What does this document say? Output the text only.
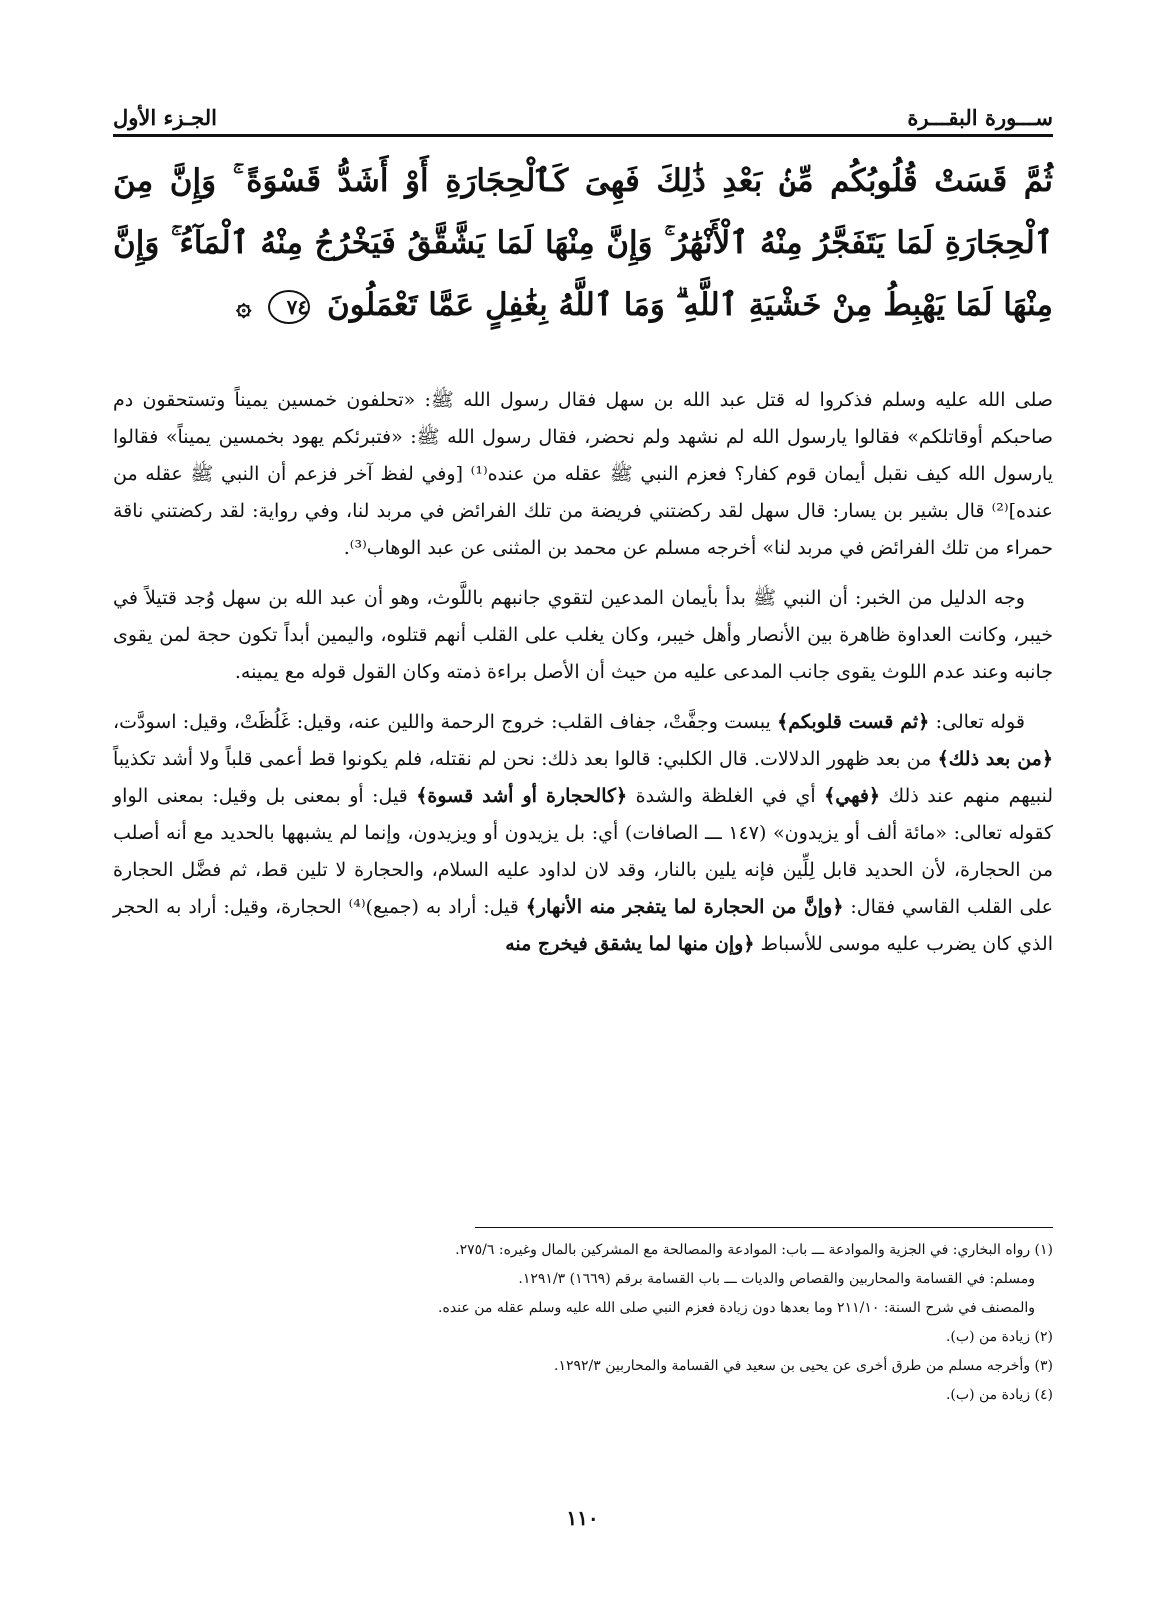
ســـورة البقـــرة
الجـزء الأول
ثُمَّ قَسَتْ قُلُوبُكُم مِّنۢ بَعْدِ ذَٰلِكَ فَهِىَ كَٱلْحِجَارَةِ أَوْ أَشَدُّ قَسْوَةً ۚ وَإِنَّ مِنَ ٱلْحِجَارَةِ لَمَا يَتَفَجَّرُ مِنْهُ ٱلْأَنْهَٰرُ ۚ وَإِنَّ مِنْهَا لَمَا يَشَّقَّقُ فَيَخْرُجُ مِنْهُ ٱلْمَآءُ ۚ وَإِنَّ مِنْهَا لَمَا يَهْبِطُ مِنْ خَشْيَةِ ٱللَّهِ ۗ وَمَا ٱللَّهُ بِغَٰفِلٍ عَمَّا تَعْمَلُونَ ٧٤ ۞

صلى الله عليه وسلم فذكروا له قتل عبد الله بن سهل فقال رسول الله ﷺ: «تحلفون خمسين يميناً وتستحقون دم صاحبكم أوقاتلكم» فقالوا يارسول الله لم نشهد ولم نحضر، فقال رسول الله ﷺ: «فتبرئكم يهود بخمسين يميناً» فقالوا يارسول الله كيف نقبل أيمان قوم كفار؟ فعزم النبي ﷺ عقله من عنده⁽¹⁾ [وفي لفظ آخر فزعم أن النبي ﷺ عقله من عنده]⁽²⁾ قال بشير بن يسار: قال سهل لقد ركضتني فريضة من تلك الفرائض في مربد لنا، وفي رواية: لقد ركضتني ناقة حمراء من تلك الفرائض في مربد لنا» أخرجه مسلم عن محمد بن المثنى عن عبد الوهاب⁽³⁾.

وجه الدليل من الخبر: أن النبي ﷺ بدأ بأيمان المدعين لتقوي جانبهم باللَّوث، وهو أن عبد الله بن سهل وُجد قتيلاً في خيبر، وكانت العداوة ظاهرة بين الأنصار وأهل خيبر، وكان يغلب على القلب أنهم قتلوه، واليمين أبداً تكون حجة لمن يقوى جانبه وعند عدم اللوث يقوى جانب المدعى عليه من حيث أن الأصل براءة ذمته وكان القول قوله مع يمينه.

قوله تعالى: ﴿ثم قست قلوبكم﴾ يبست وجفَّتْ، جفاف القلب: خروج الرحمة واللين عنه، وقيل: غَلُظَتْ، وقيل: اسودَّت، ﴿من بعد ذلك﴾ من بعد ظهور الدلالات. قال الكلبي: قالوا بعد ذلك: نحن لم نقتله، فلم يكونوا قط أعمى قلباً ولا أشد تكذيباً لنبيهم منهم عند ذلك ﴿فهي﴾ أي في الغلظة والشدة ﴿كالحجارة أو أشد قسوة﴾ قيل: أو بمعنى بل وقيل: بمعنى الواو كقوله تعالى: «مائة ألف أو يزيدون» (١٤٧ ـــ الصافات) أي: بل يزيدون أو ويزيدون، وإنما لم يشبهها بالحديد مع أنه أصلب من الحجارة، لأن الحديد قابل لِلِّين فإنه يلين بالنار، وقد لان لداود عليه السلام، والحجارة لا تلين قط، ثم فضَّل الحجارة على القلب القاسي فقال: ﴿وإنَّ من الحجارة لما يتفجر منه الأنهار﴾ قيل: أراد به (جميع)⁽⁴⁾ الحجارة، وقيل: أراد به الحجر الذي كان يضرب عليه موسى للأسباط ﴿وإن منها لما يشقق فيخرج منه

(١) رواه البخاري: في الجزية والموادعة ـــ باب: الموادعة والمصالحة مع المشركين بالمال وغيره: ٢٧٥/٦.

ومسلم: في القسامة والمحاربين والقصاص والديات ـــ باب القسامة برقم (١٦٦٩) ١٢٩١/٣.

والمصنف في شرح السنة: ٢١١/١٠ وما بعدها دون زيادة فعزم النبي صلى الله عليه وسلم عقله من عنده.

(٢) زيادة من (ب).

(٣) وأخرجه مسلم من طرق أخرى عن يحيى بن سعيد في القسامة والمحاربين ١٢٩٢/٣.

(٤) زيادة من (ب).

١١٠
